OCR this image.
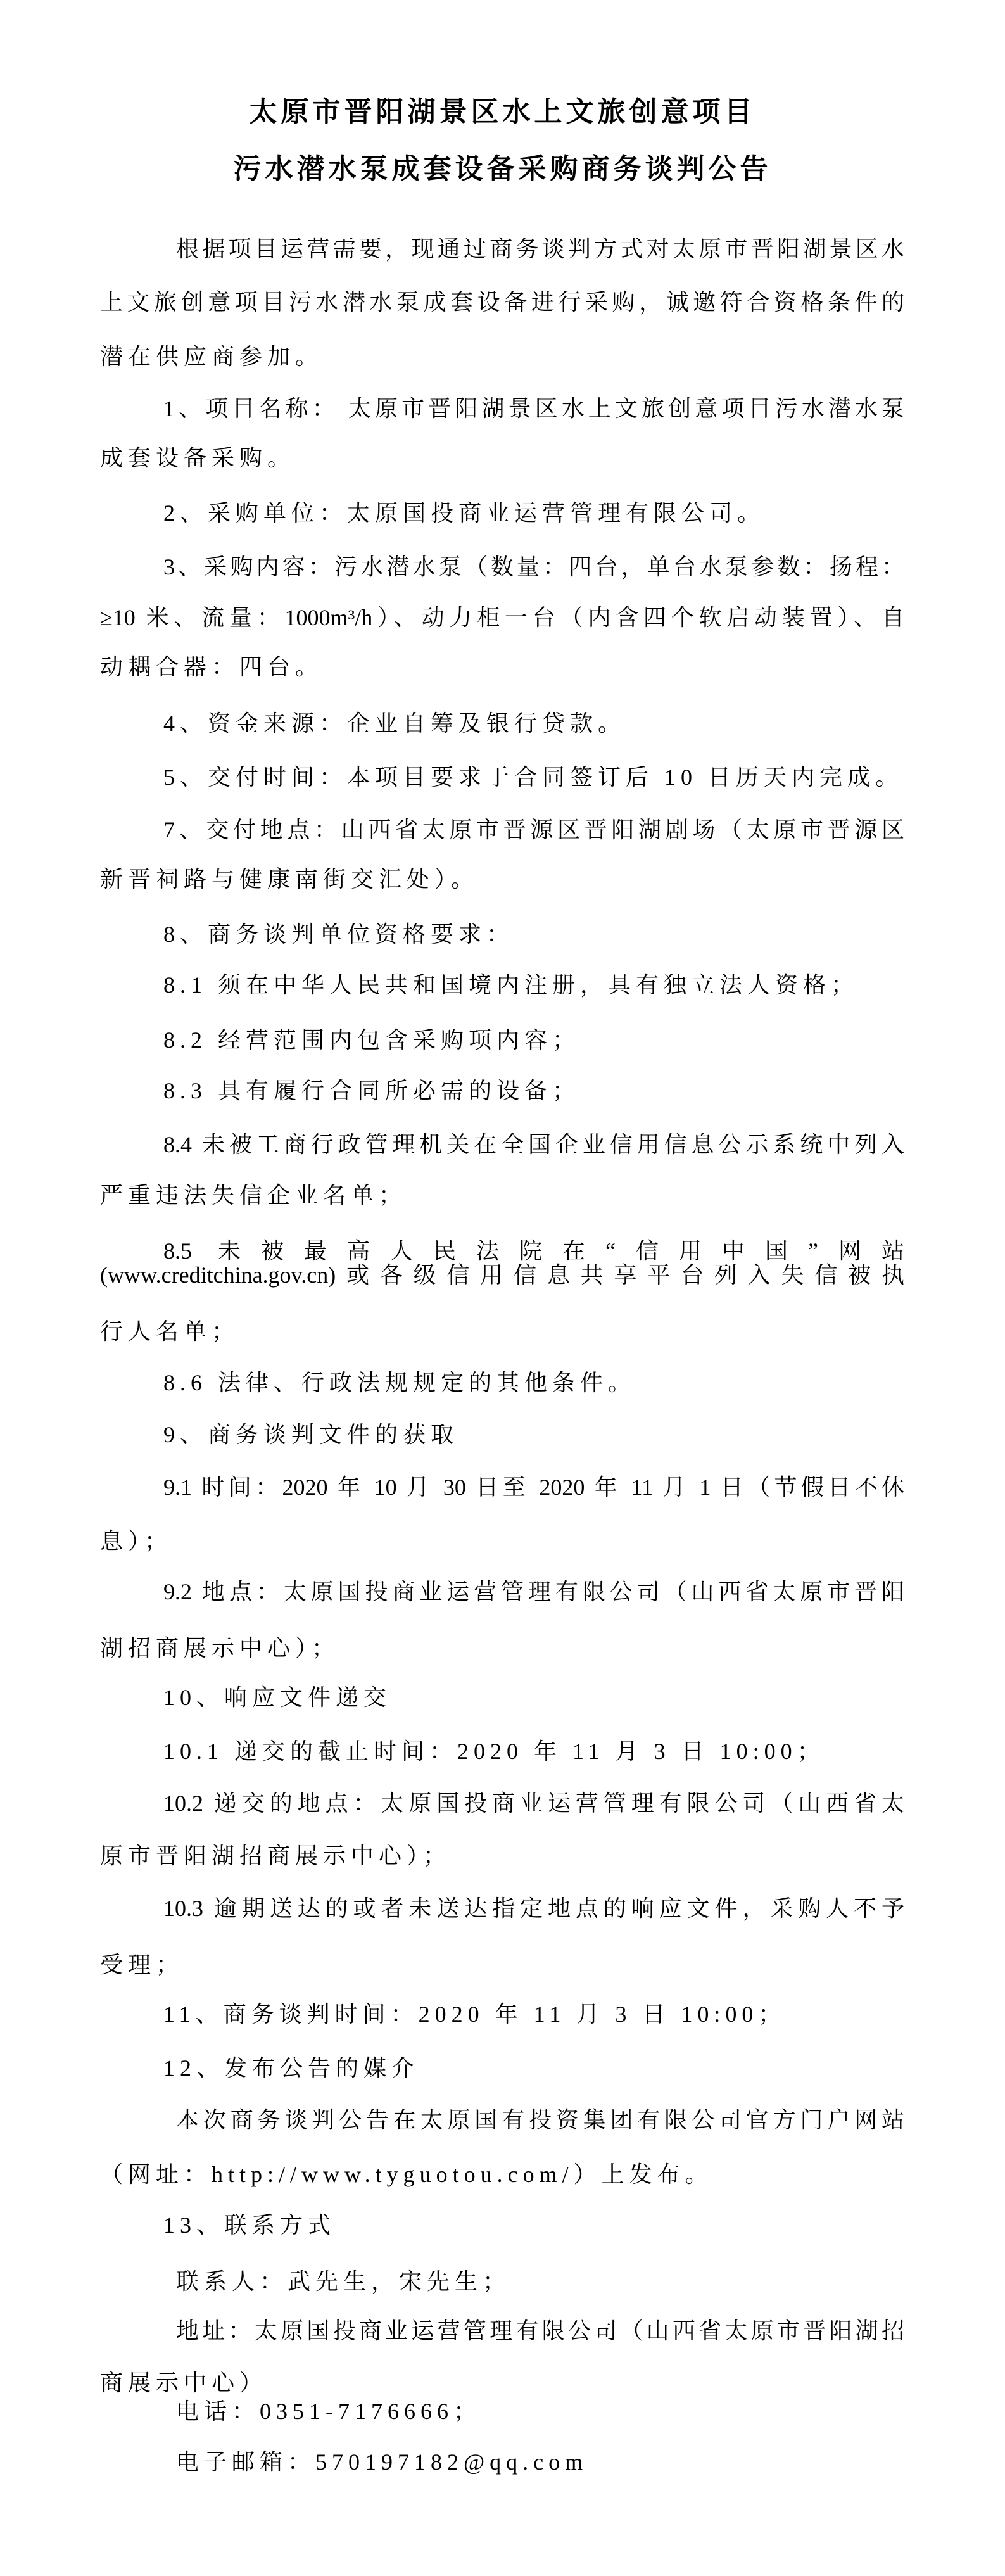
太原市晋阳湖景区水上文旅创意项目
污水潜水泵成套设备采购商务谈判公告
根据项目运营需要，现通过商务谈判方式对太原市晋阳湖景区水
上文旅创意项目污水潜水泵成套设备进行采购，诚邀符合资格条件的
潜在供应商参加。
1、项目名称： 太原市晋阳湖景区水上文旅创意项目污水潜水泵
成套设备采购。
2、采购单位：太原国投商业运营管理有限公司。
3、采购内容：污水潜水泵（数量：四台，单台水泵参数：扬程：
≥10 米、流量：1000m³/h）、动力柜一台（内含四个软启动装置）、自
动耦合器：四台。
4、资金来源：企业自筹及银行贷款。
5、交付时间：本项目要求于合同签订后 10 日历天内完成。
7、交付地点：山西省太原市晋源区晋阳湖剧场（太原市晋源区
新晋祠路与健康南街交汇处）。
8、商务谈判单位资格要求：
8.1 须在中华人民共和国境内注册，具有独立法人资格；
8.2 经营范围内包含采购项内容；
8.3 具有履行合同所必需的设备；
8.4 未被工商行政管理机关在全国企业信用信息公示系统中列入
严重违法失信企业名单；
8.5 未被最高人民法院在“信用中国”网站
(www.creditchina.gov.cn)或各级信用信息共享平台列入失信被执
行人名单；
8.6 法律、行政法规规定的其他条件。
9、商务谈判文件的获取
9.1 时间：2020 年 10 月 30 日至 2020 年 11 月 1 日（节假日不休
息）；
9.2 地点：太原国投商业运营管理有限公司（山西省太原市晋阳
湖招商展示中心）；
10、响应文件递交
10.1 递交的截止时间：2020 年 11 月 3 日 10:00；
10.2 递交的地点：太原国投商业运营管理有限公司（山西省太
原市晋阳湖招商展示中心）；
10.3 逾期送达的或者未送达指定地点的响应文件，采购人不予
受理；
11、商务谈判时间：2020 年 11 月 3 日 10:00；
12、发布公告的媒介
本次商务谈判公告在太原国有投资集团有限公司官方门户网站
（网址：http://www.tyguotou.com/）上发布。
13、联系方式
联系人：武先生，宋先生；
地址：太原国投商业运营管理有限公司（山西省太原市晋阳湖招
商展示中心）
电话：0351-7176666；
电子邮箱：570197182@qq.com
